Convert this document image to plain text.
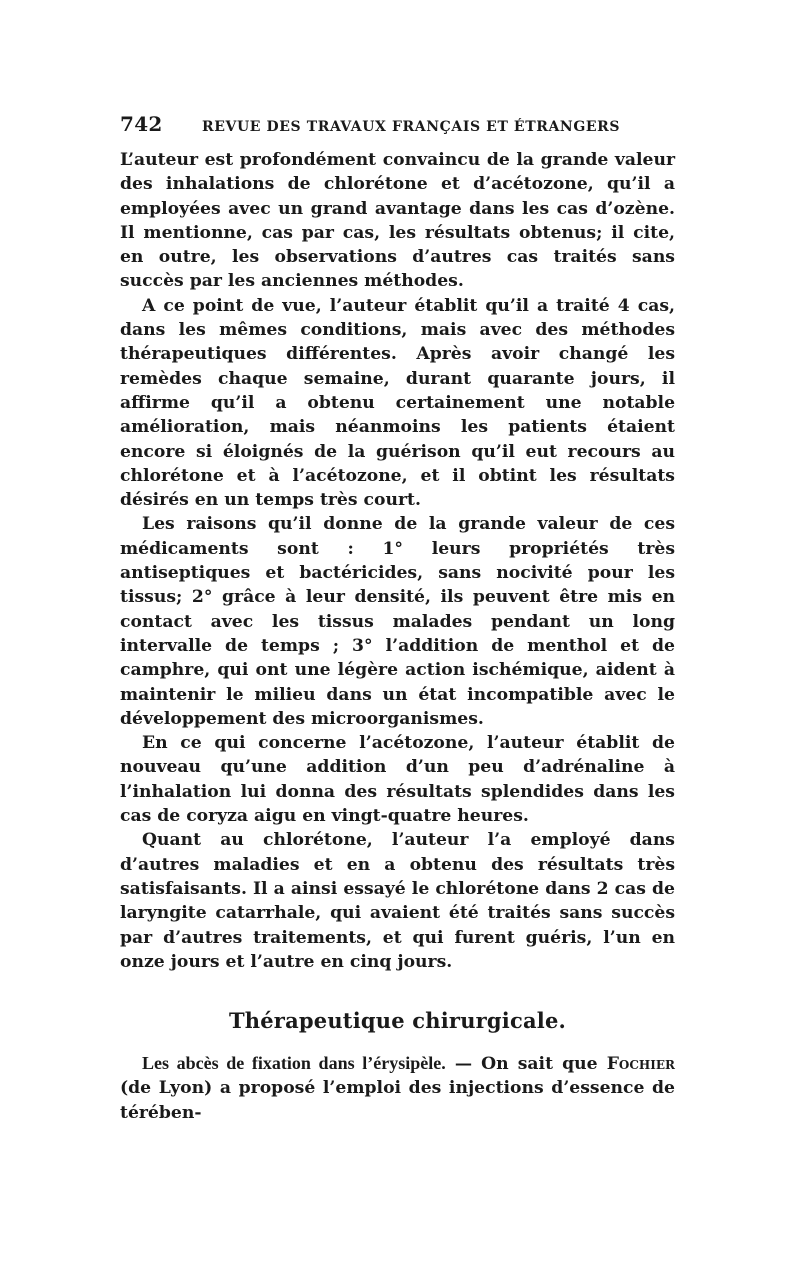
742	REVUE DES TRAVAUX FRANÇAIS ET ÉTRANGERS

L’auteur est profondément convaincu de la grande valeur des inhalations de chlorétone et d’acétozone, qu’il a employées avec un grand avantage dans les cas d’ozène. Il mentionne, cas par cas, les résultats obtenus; il cite, en outre, les observations d’autres cas traités sans succès par les anciennes méthodes.

A ce point de vue, l’auteur établit qu’il a traité 4 cas, dans les mêmes conditions, mais avec des méthodes thérapeutiques différentes. Après avoir changé les remèdes chaque semaine, durant quarante jours, il affirme qu’il a obtenu certainement une notable amélioration, mais néanmoins les patients étaient encore si éloignés de la guérison qu’il eut recours au chlorétone et à l’acétozone, et il obtint les résultats désirés en un temps très court.

Les raisons qu’il donne de la grande valeur de ces médicaments sont : 1° leurs propriétés très antiseptiques et bactéricides, sans nocivité pour les tissus; 2° grâce à leur densité, ils peuvent être mis en contact avec les tissus malades pendant un long intervalle de temps ; 3° l’addition de menthol et de camphre, qui ont une légère action ischémique, aident à maintenir le milieu dans un état incompatible avec le développement des microorganismes.

En ce qui concerne l’acétozone, l’auteur établit de nouveau qu’une addition d’un peu d’adrénaline à l’inhalation lui donna des résultats splendides dans les cas de coryza aigu en vingt-quatre heures.

Quant au chlorétone, l’auteur l’a employé dans d’autres maladies et en a obtenu des résultats très satisfaisants. Il a ainsi essayé le chlorétone dans 2 cas de laryngite catarrhale, qui avaient été traités sans succès par d’autres traitements, et qui furent guéris, l’un en onze jours et l’autre en cinq jours.

Thérapeutique chirurgicale.

Les abcès de fixation dans l’érysipèle. — On sait que Fochier (de Lyon) a proposé l’emploi des injections d’essence de térében-
